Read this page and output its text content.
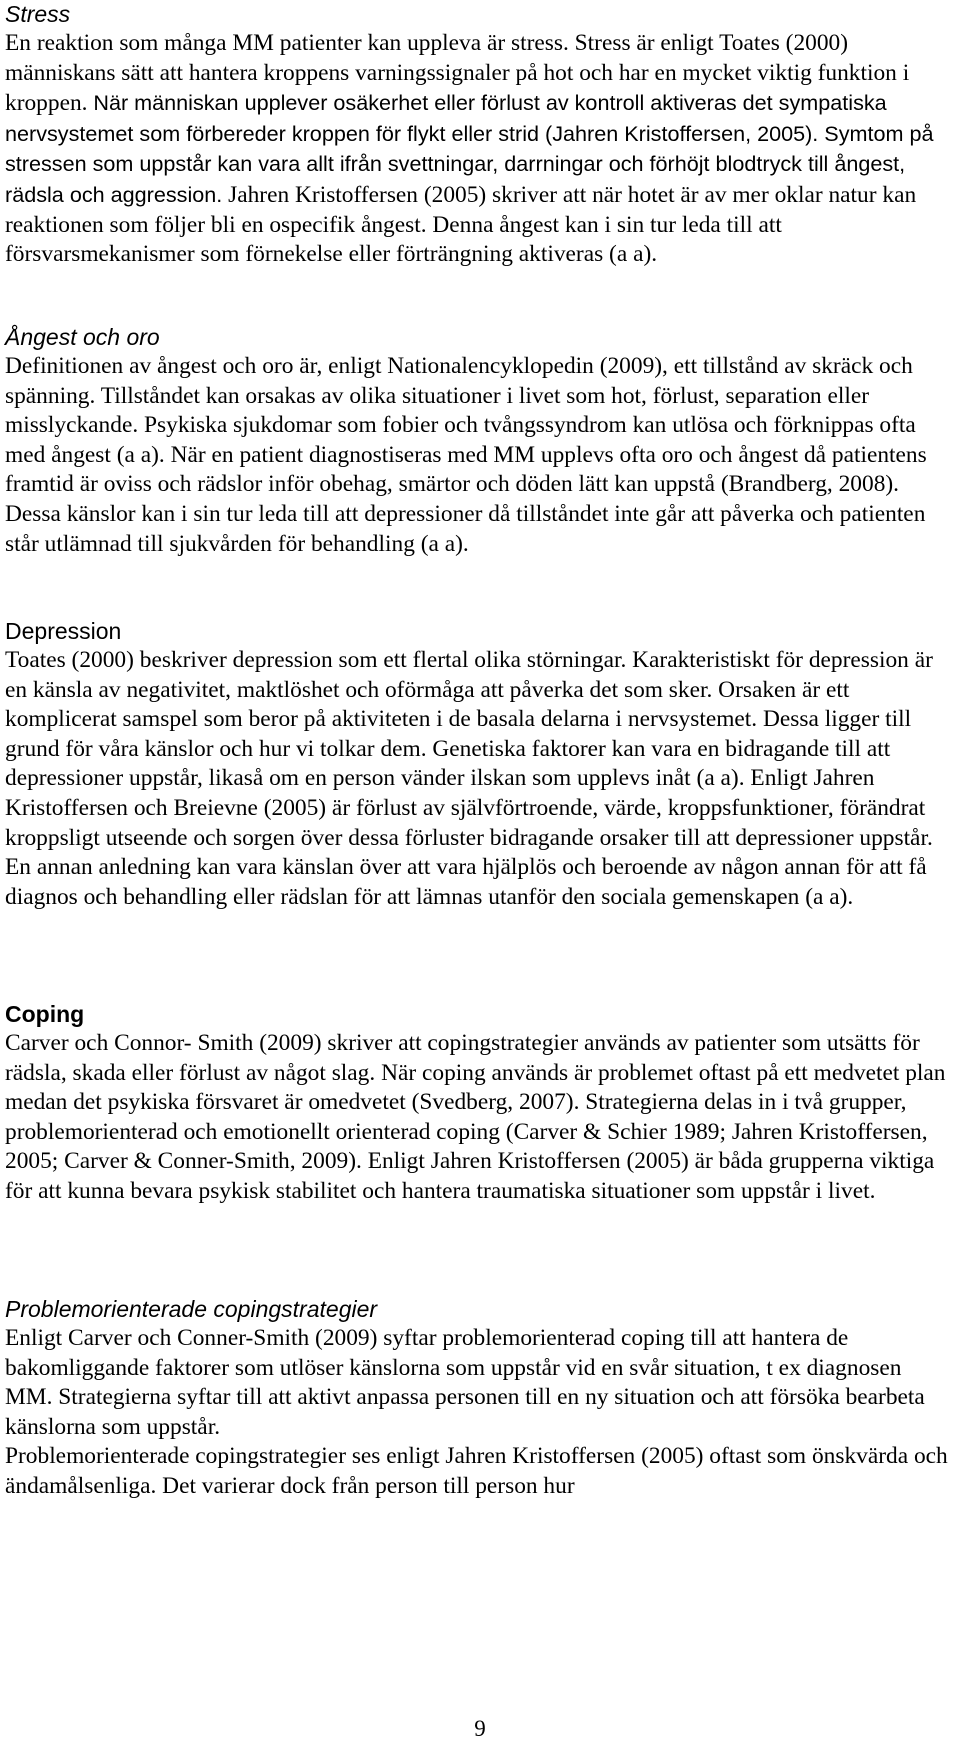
Stress

En reaktion som många MM patienter kan uppleva är stress. Stress är enligt Toates (2000) människans sätt att hantera kroppens varningssignaler på hot och har en mycket viktig funktion i kroppen. När människan upplever osäkerhet eller förlust av kontroll aktiveras det sympatiska nervsystemet som förbereder kroppen för flykt eller strid (Jahren Kristoffersen, 2005). Symtom på stressen som uppstår kan vara allt ifrån svettningar, darrningar och förhöjt blodtryck till ångest, rädsla och aggression. Jahren Kristoffersen (2005) skriver att när hotet är av mer oklar natur kan reaktionen som följer bli en ospecifik ångest. Denna ångest kan i sin tur leda till att försvarsmekanismer som förnekelse eller förträngning aktiveras (a a).

Ångest och oro

Definitionen av ångest och oro är, enligt Nationalencyklopedin (2009), ett tillstånd av skräck och spänning. Tillståndet kan orsakas av olika situationer i livet som hot, förlust, separation eller misslyckande. Psykiska sjukdomar som fobier och tvångssyndrom kan utlösa och förknippas ofta med ångest (a a). När en patient diagnostiseras med MM upplevs ofta oro och ångest då patientens framtid är oviss och rädslor inför obehag, smärtor och döden lätt kan uppstå (Brandberg, 2008). Dessa känslor kan i sin tur leda till att depressioner då tillståndet inte går att påverka och patienten står utlämnad till sjukvården för behandling (a a).

Depression

Toates (2000) beskriver depression som ett flertal olika störningar. Karakteristiskt för depression är en känsla av negativitet, maktlöshet och oförmåga att påverka det som sker. Orsaken är ett komplicerat samspel som beror på aktiviteten i de basala delarna i nervsystemet. Dessa ligger till grund för våra känslor och hur vi tolkar dem. Genetiska faktorer kan vara en bidragande till att depressioner uppstår, likaså om en person vänder ilskan som upplevs inåt (a a). Enligt Jahren Kristoffersen och Breievne (2005) är förlust av självförtroende, värde, kroppsfunktioner, förändrat kroppsligt utseende och sorgen över dessa förluster bidragande orsaker till att depressioner uppstår. En annan anledning kan vara känslan över att vara hjälplös och beroende av någon annan för att få diagnos och behandling eller rädslan för att lämnas utanför den sociala gemenskapen (a a).

Coping

Carver och Connor- Smith (2009) skriver att copingstrategier används av patienter som utsätts för rädsla, skada eller förlust av något slag. När coping används är problemet oftast på ett medvetet plan medan det psykiska försvaret är omedvetet (Svedberg, 2007). Strategierna delas in i två grupper, problemorienterad och emotionellt orienterad coping (Carver & Schier 1989; Jahren Kristoffersen, 2005; Carver & Conner-Smith, 2009). Enligt Jahren Kristoffersen (2005) är båda grupperna viktiga för att kunna bevara psykisk stabilitet och hantera traumatiska situationer som uppstår i livet.

Problemorienterade copingstrategier

Enligt Carver och Conner-Smith (2009) syftar problemorienterad coping till att hantera de bakomliggande faktorer som utlöser känslorna som uppstår vid en svår situation, t ex diagnosen MM. Strategierna syftar till att aktivt anpassa personen till en ny situation och att försöka bearbeta känslorna som uppstår.

Problemorienterade copingstrategier ses enligt Jahren Kristoffersen (2005) oftast som önskvärda och ändamålsenliga. Det varierar dock från person till person hur

9
